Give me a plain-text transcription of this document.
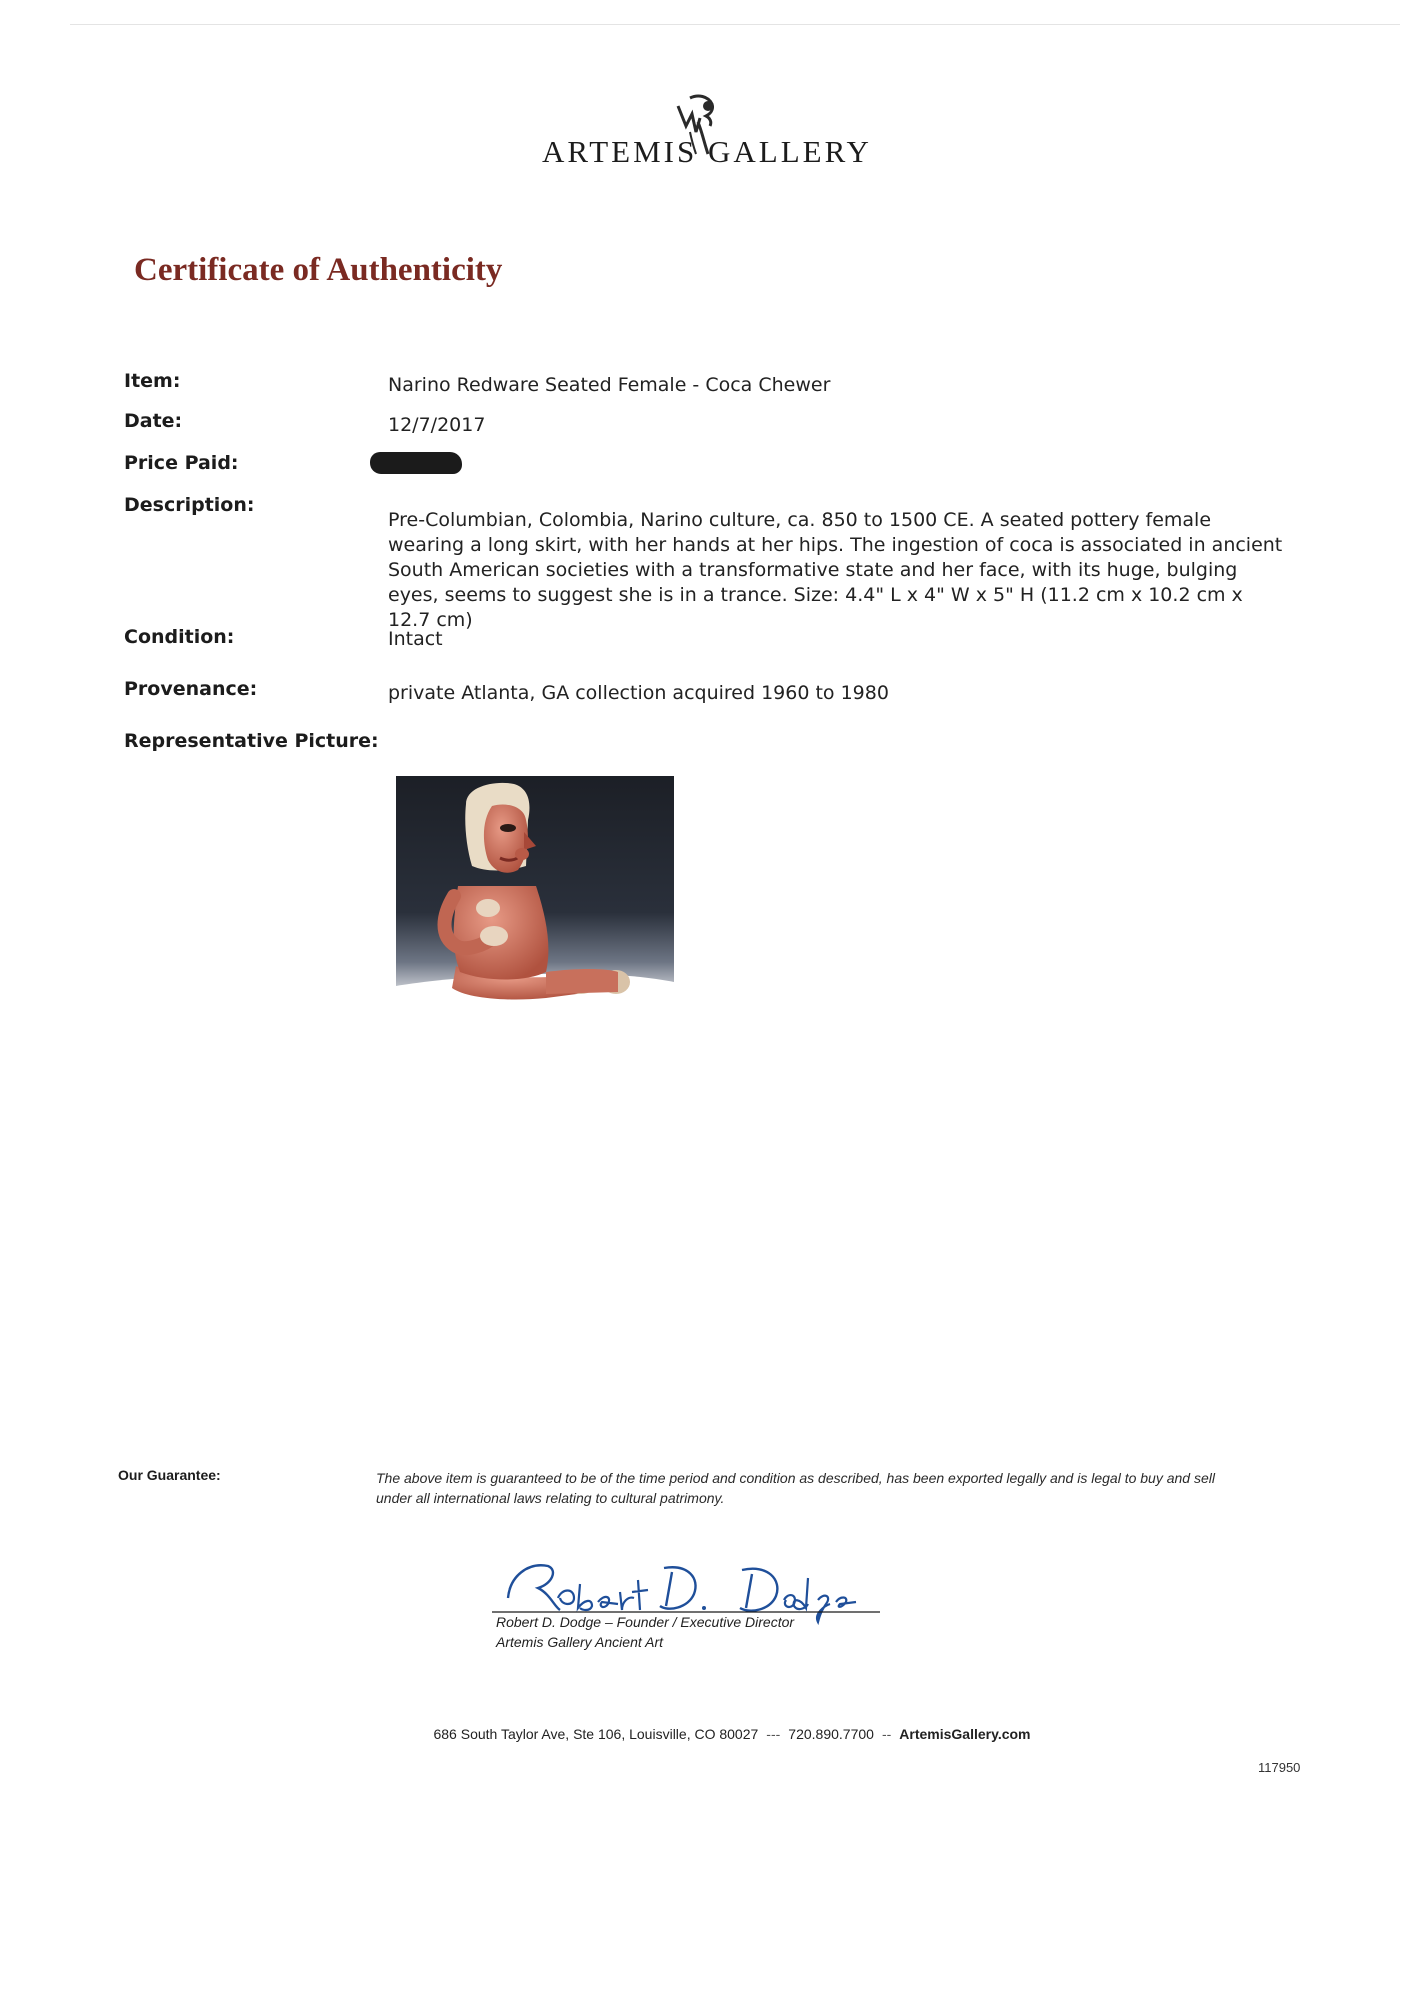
ARTEMIS GALLERY
Certificate of Authenticity
Item:	Narino Redware Seated Female - Coca Chewer
Date:	12/7/2017
Price Paid:
Description:
Pre-Columbian, Colombia, Narino culture, ca. 850 to 1500 CE. A seated pottery female wearing a long skirt, with her hands at her hips. The ingestion of coca is associated in ancient South American societies with a transformative state and her face, with its huge, bulging eyes, seems to suggest she is in a trance. Size: 4.4" L x 4" W x 5" H (11.2 cm x 10.2 cm x 12.7 cm)
Condition:	Intact
Provenance:	private Atlanta, GA collection acquired 1960 to 1980
Representative Picture:
Our Guarantee:	The above item is guaranteed to be of the time period and condition as described, has been exported legally and is legal to buy and sell under all international laws relating to cultural patrimony.
Robert D. Dodge – Founder / Executive Director
Artemis Gallery Ancient Art
686 South Taylor Ave, Ste 106, Louisville, CO 80027 --- 720.890.7700 -- ArtemisGallery.com
117950
